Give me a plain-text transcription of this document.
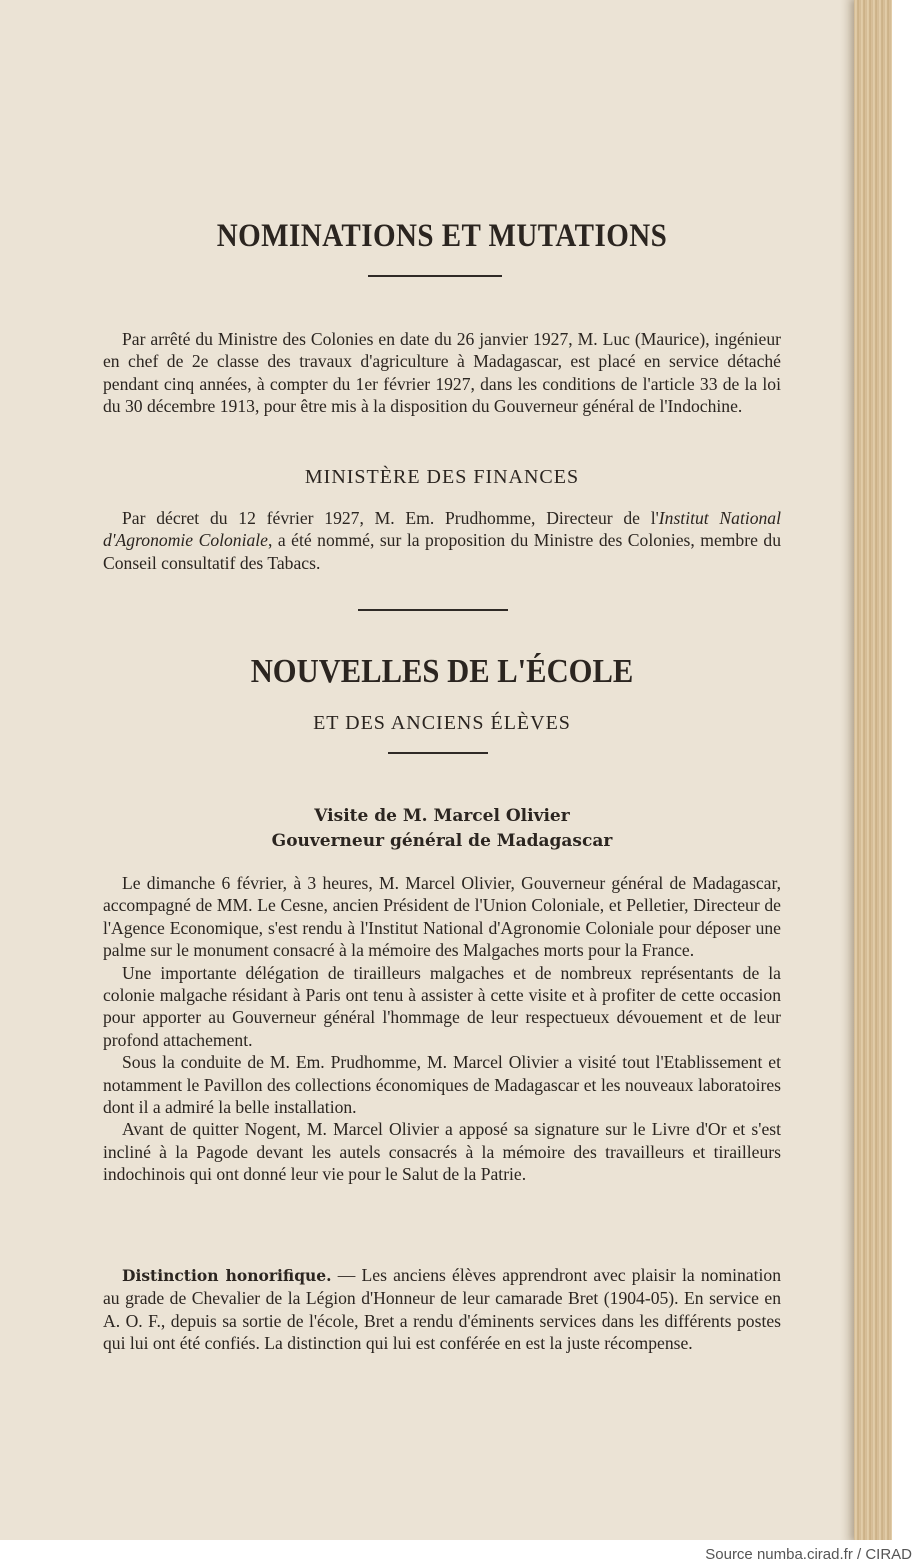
NOMINATIONS ET MUTATIONS

Par arrêté du Ministre des Colonies en date du 26 janvier 1927, M. Luc (Maurice), ingénieur en chef de 2e classe des travaux d'agriculture à Madagascar, est placé en service détaché pendant cinq années, à compter du 1er février 1927, dans les conditions de l'article 33 de la loi du 30 décembre 1913, pour être mis à la disposition du Gouverneur général de l'Indochine.

MINISTÈRE DES FINANCES

Par décret du 12 février 1927, M. Em. Prudhomme, Directeur de l'Institut National d'Agronomie Coloniale, a été nommé, sur la proposition du Ministre des Colonies, membre du Conseil consultatif des Tabacs.

NOUVELLES DE L'ÉCOLE
ET DES ANCIENS ÉLÈVES
Visite de M. Marcel Olivier
Gouverneur général de Madagascar

Le dimanche 6 février, à 3 heures, M. Marcel Olivier, Gouverneur général de Madagascar, accompagné de MM. Le Cesne, ancien Président de l'Union Coloniale, et Pelletier, Directeur de l'Agence Economique, s'est rendu à l'Institut National d'Agronomie Coloniale pour déposer une palme sur le monument consacré à la mémoire des Malgaches morts pour la France.

Une importante délégation de tirailleurs malgaches et de nombreux représentants de la colonie malgache résidant à Paris ont tenu à assister à cette visite et à profiter de cette occasion pour apporter au Gouverneur général l'hommage de leur respectueux dévouement et de leur profond attachement.

Sous la conduite de M. Em. Prudhomme, M. Marcel Olivier a visité tout l'Etablissement et notamment le Pavillon des collections économiques de Madagascar et les nouveaux laboratoires dont il a admiré la belle installation.

Avant de quitter Nogent, M. Marcel Olivier a apposé sa signature sur le Livre d'Or et s'est incliné à la Pagode devant les autels consacrés à la mémoire des travailleurs et tirailleurs indochinois qui ont donné leur vie pour le Salut de la Patrie.

Distinction honorifique. — Les anciens élèves apprendront avec plaisir la nomination au grade de Chevalier de la Légion d'Honneur de leur camarade Bret (1904-05). En service en A. O. F., depuis sa sortie de l'école, Bret a rendu d'éminents services dans les différents postes qui lui ont été confiés. La distinction qui lui est conférée en est la juste récompense.

Source numba.cirad.fr / CIRAD
